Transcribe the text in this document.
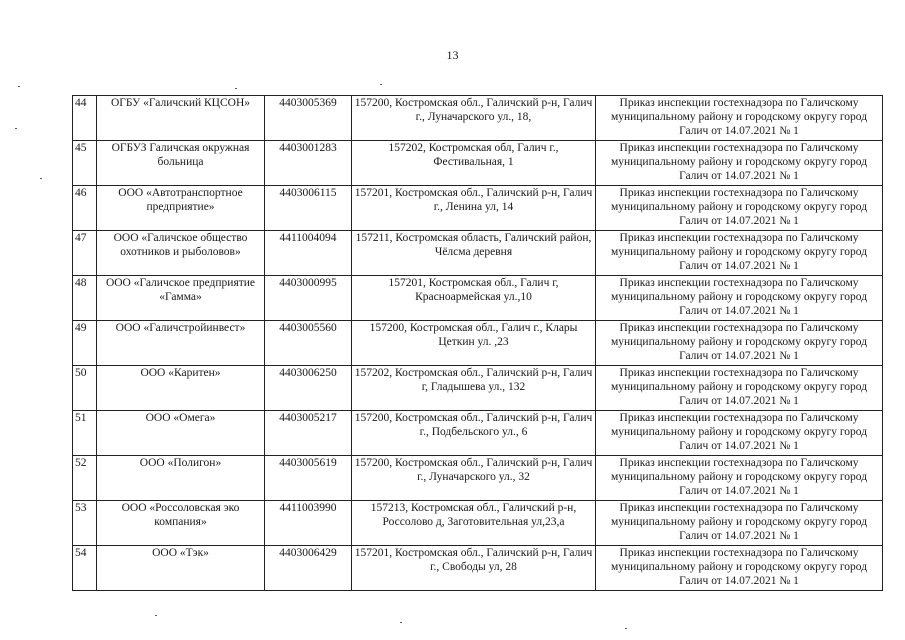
13
44	ОГБУ «Галичский КЦСОН»	4403005369	157200, Костромская обл., Галичский р-н, Галич г., Луначарского ул., 18,	Приказ инспекции гостехнадзора по Галичскому муниципальному району и городскому округу город Галич от 14.07.2021 № 1
45	ОГБУЗ Галичская окружная больница	4403001283	157202, Костромская обл, Галич г., Фестивальная, 1	Приказ инспекции гостехнадзора по Галичскому муниципальному району и городскому округу город Галич от 14.07.2021 № 1
46	ООО «Автотранспортное предприятие»	4403006115	157201, Костромская обл., Галичский р-н, Галич г., Ленина ул, 14	Приказ инспекции гостехнадзора по Галичскому муниципальному району и городскому округу город Галич от 14.07.2021 № 1
47	ООО «Галичское общество охотников и рыболовов»	4411004094	157211, Костромская область, Галичский район, Чёлсма деревня	Приказ инспекции гостехнадзора по Галичскому муниципальному району и городскому округу город Галич от 14.07.2021 № 1
48	ООО «Галичское предприятие «Гамма»	4403000995	157201, Костромская обл., Галич г, Красноармейская ул.,10	Приказ инспекции гостехнадзора по Галичскому муниципальному району и городскому округу город Галич от 14.07.2021 № 1
49	ООО «Галичстройинвест»	4403005560	157200, Костромская обл., Галич г., Клары Цеткин ул. ,23	Приказ инспекции гостехнадзора по Галичскому муниципальному району и городскому округу город Галич от 14.07.2021 № 1
50	ООО «Каритен»	4403006250	157202, Костромская обл., Галичский р-н, Галич г, Гладышева ул., 132	Приказ инспекции гостехнадзора по Галичскому муниципальному району и городскому округу город Галич от 14.07.2021 № 1
51	ООО «Омега»	4403005217	157200, Костромская обл., Галичский р-н, Галич г., Подбельского ул., 6	Приказ инспекции гостехнадзора по Галичскому муниципальному району и городскому округу город Галич от 14.07.2021 № 1
52	ООО «Полигон»	4403005619	157200, Костромская обл., Галичский р-н, Галич г., Луначарского ул., 32	Приказ инспекции гостехнадзора по Галичскому муниципальному району и городскому округу город Галич от 14.07.2021 № 1
53	ООО «Россоловская эко компания»	4411003990	157213, Костромская обл., Галичский р-н, Россолово д, Заготовительная ул,23,а	Приказ инспекции гостехнадзора по Галичскому муниципальному району и городскому округу город Галич от 14.07.2021 № 1
54	ООО «Тэк»	4403006429	157201, Костромская обл., Галичский р-н, Галич г., Свободы ул, 28	Приказ инспекции гостехнадзора по Галичскому муниципальному району и городскому округу город Галич от 14.07.2021 № 1
